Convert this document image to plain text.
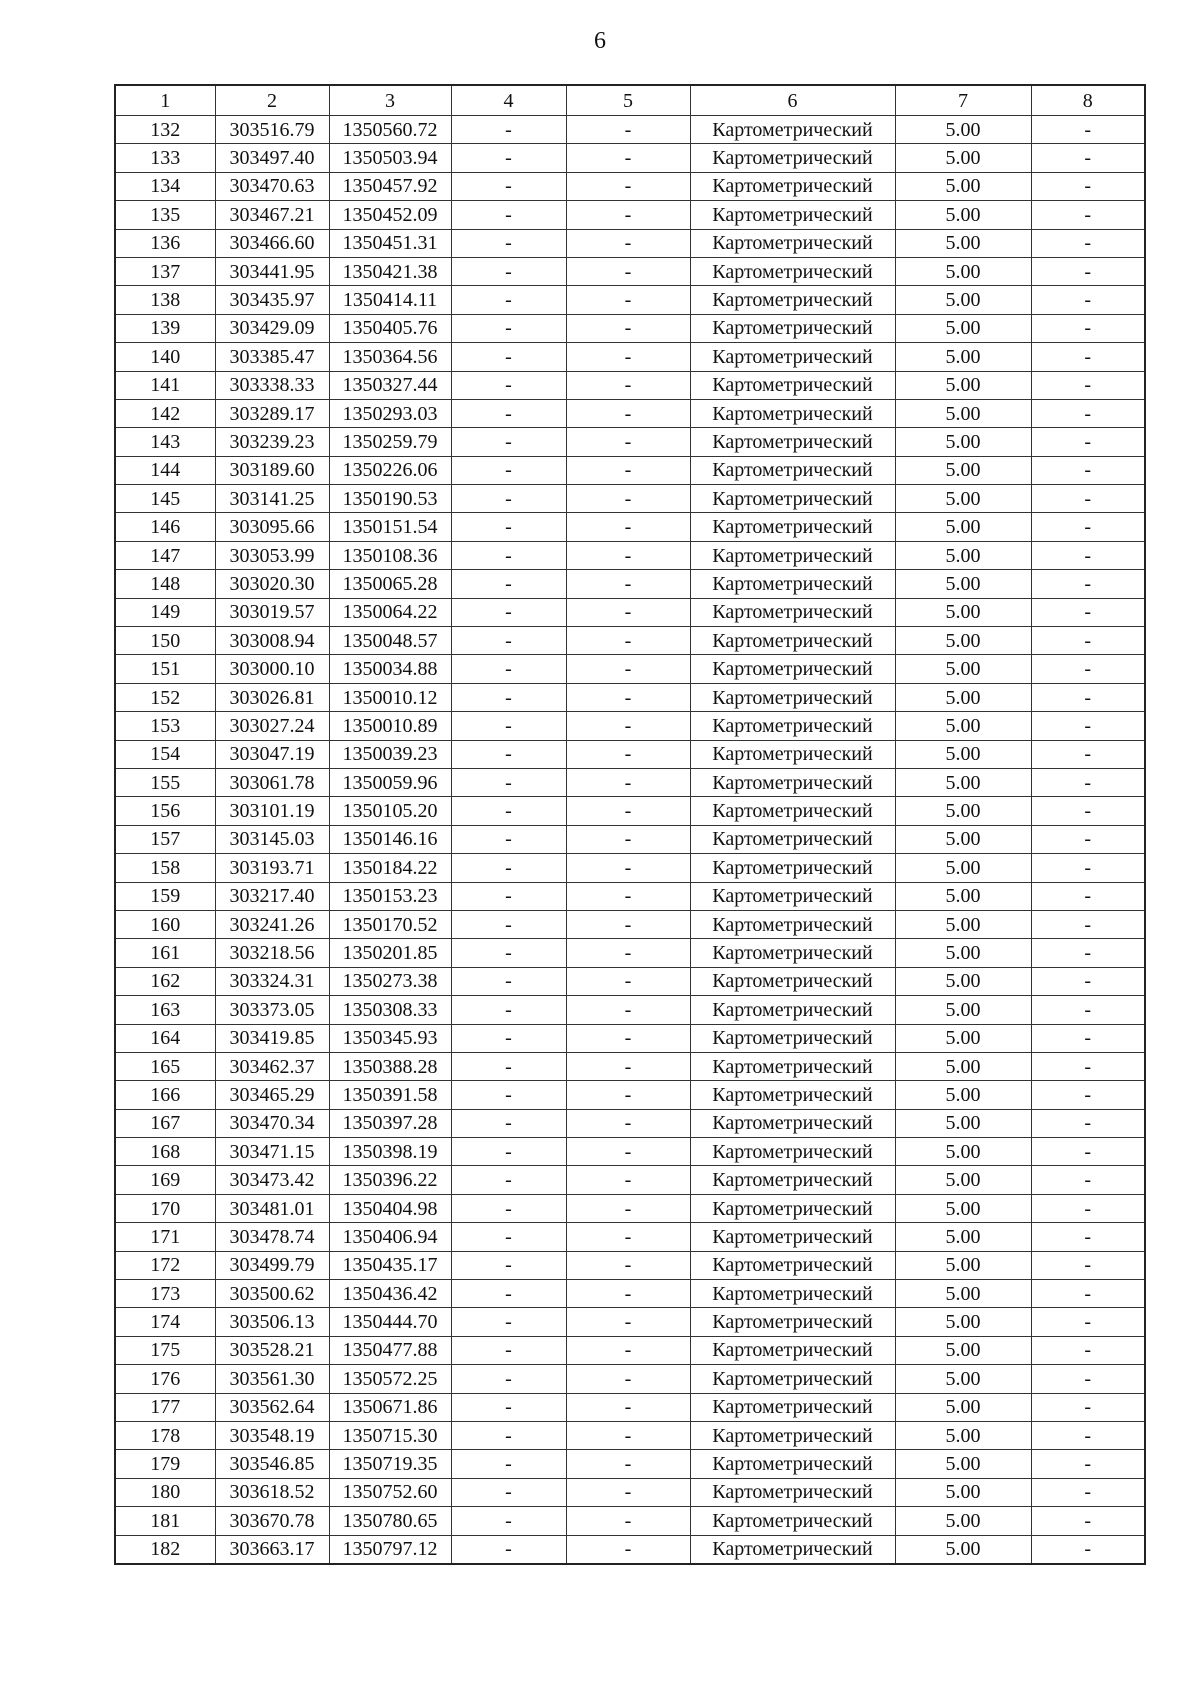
6
1	2	3	4	5	6	7	8
132	303516.79	1350560.72	-	-	Картометрический	5.00	-
133	303497.40	1350503.94	-	-	Картометрический	5.00	-
134	303470.63	1350457.92	-	-	Картометрический	5.00	-
135	303467.21	1350452.09	-	-	Картометрический	5.00	-
136	303466.60	1350451.31	-	-	Картометрический	5.00	-
137	303441.95	1350421.38	-	-	Картометрический	5.00	-
138	303435.97	1350414.11	-	-	Картометрический	5.00	-
139	303429.09	1350405.76	-	-	Картометрический	5.00	-
140	303385.47	1350364.56	-	-	Картометрический	5.00	-
141	303338.33	1350327.44	-	-	Картометрический	5.00	-
142	303289.17	1350293.03	-	-	Картометрический	5.00	-
143	303239.23	1350259.79	-	-	Картометрический	5.00	-
144	303189.60	1350226.06	-	-	Картометрический	5.00	-
145	303141.25	1350190.53	-	-	Картометрический	5.00	-
146	303095.66	1350151.54	-	-	Картометрический	5.00	-
147	303053.99	1350108.36	-	-	Картометрический	5.00	-
148	303020.30	1350065.28	-	-	Картометрический	5.00	-
149	303019.57	1350064.22	-	-	Картометрический	5.00	-
150	303008.94	1350048.57	-	-	Картометрический	5.00	-
151	303000.10	1350034.88	-	-	Картометрический	5.00	-
152	303026.81	1350010.12	-	-	Картометрический	5.00	-
153	303027.24	1350010.89	-	-	Картометрический	5.00	-
154	303047.19	1350039.23	-	-	Картометрический	5.00	-
155	303061.78	1350059.96	-	-	Картометрический	5.00	-
156	303101.19	1350105.20	-	-	Картометрический	5.00	-
157	303145.03	1350146.16	-	-	Картометрический	5.00	-
158	303193.71	1350184.22	-	-	Картометрический	5.00	-
159	303217.40	1350153.23	-	-	Картометрический	5.00	-
160	303241.26	1350170.52	-	-	Картометрический	5.00	-
161	303218.56	1350201.85	-	-	Картометрический	5.00	-
162	303324.31	1350273.38	-	-	Картометрический	5.00	-
163	303373.05	1350308.33	-	-	Картометрический	5.00	-
164	303419.85	1350345.93	-	-	Картометрический	5.00	-
165	303462.37	1350388.28	-	-	Картометрический	5.00	-
166	303465.29	1350391.58	-	-	Картометрический	5.00	-
167	303470.34	1350397.28	-	-	Картометрический	5.00	-
168	303471.15	1350398.19	-	-	Картометрический	5.00	-
169	303473.42	1350396.22	-	-	Картометрический	5.00	-
170	303481.01	1350404.98	-	-	Картометрический	5.00	-
171	303478.74	1350406.94	-	-	Картометрический	5.00	-
172	303499.79	1350435.17	-	-	Картометрический	5.00	-
173	303500.62	1350436.42	-	-	Картометрический	5.00	-
174	303506.13	1350444.70	-	-	Картометрический	5.00	-
175	303528.21	1350477.88	-	-	Картометрический	5.00	-
176	303561.30	1350572.25	-	-	Картометрический	5.00	-
177	303562.64	1350671.86	-	-	Картометрический	5.00	-
178	303548.19	1350715.30	-	-	Картометрический	5.00	-
179	303546.85	1350719.35	-	-	Картометрический	5.00	-
180	303618.52	1350752.60	-	-	Картометрический	5.00	-
181	303670.78	1350780.65	-	-	Картометрический	5.00	-
182	303663.17	1350797.12	-	-	Картометрический	5.00	-
